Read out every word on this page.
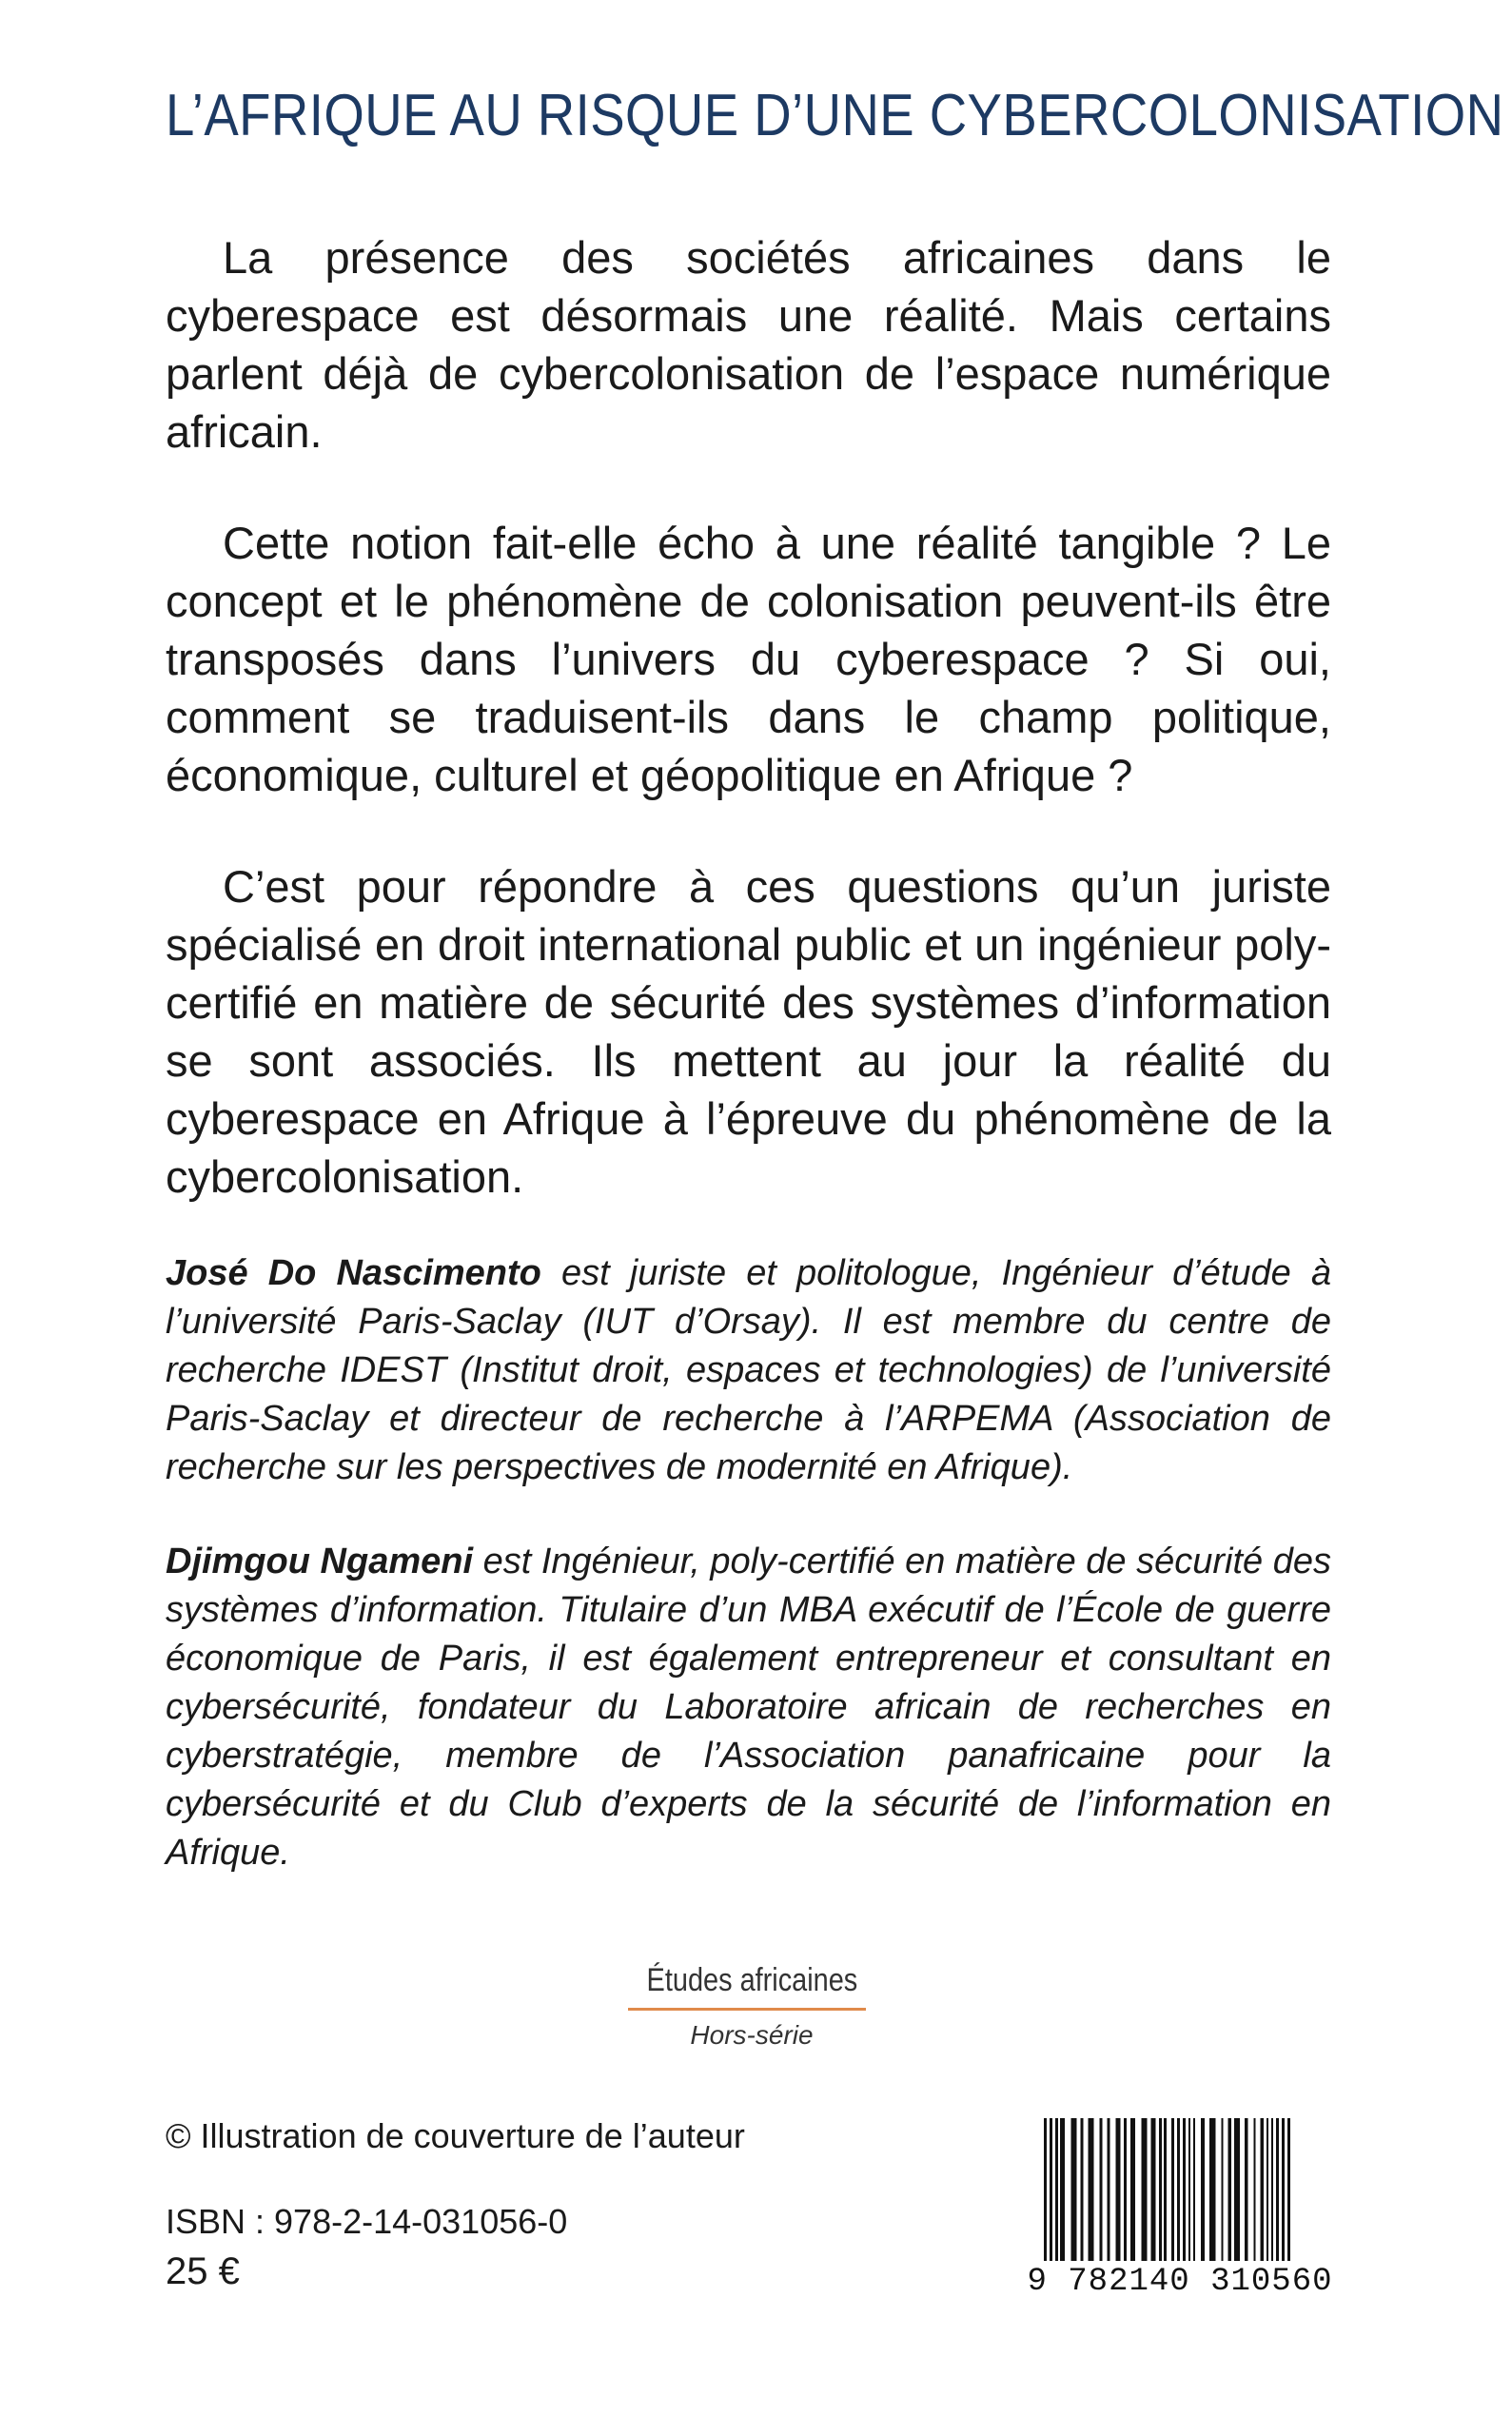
L’AFRIQUE AU RISQUE D’UNE CYBERCOLONISATION

La présence des sociétés africaines dans le cyberespace est désormais une réalité. Mais certains parlent déjà de cybercolonisation de l’espace numérique africain.

Cette notion fait-elle écho à une réalité tangible ? Le concept et le phénomène de colonisation peuvent-ils être transposés dans l’univers du cyberespace ? Si oui, comment se traduisent-ils dans le champ politique, économique, culturel et géopolitique en Afrique ?

C’est pour répondre à ces questions qu’un juriste spécialisé en droit international public et un ingénieur poly-certifié en matière de sécurité des systèmes d’information se sont associés. Ils mettent au jour la réalité du cyberespace en Afrique à l’épreuve du phénomène de la cybercolonisation.

José Do Nascimento est juriste et politologue, Ingénieur d’étude à l’université Paris-Saclay (IUT d’Orsay). Il est membre du centre de recherche IDEST (Institut droit, espaces et technologies) de l’université Paris-Saclay et directeur de recherche à l’ARPEMA (Association de recherche sur les perspectives de modernité en Afrique).

Djimgou Ngameni est Ingénieur, poly-certifié en matière de sécurité des systèmes d’information. Titulaire d’un MBA exécutif de l’École de guerre économique de Paris, il est également entrepreneur et consultant en cybersécurité, fondateur du Laboratoire africain de recherches en cyberstratégie, membre de l’Association panafricaine pour la cybersécurité et du Club d’experts de la sécurité de l’information en Afrique.

Études africaines
Hors-série
© Illustration de couverture de l’auteur
ISBN : 978-2-14-031056-0
25 €	9 782140 310560
